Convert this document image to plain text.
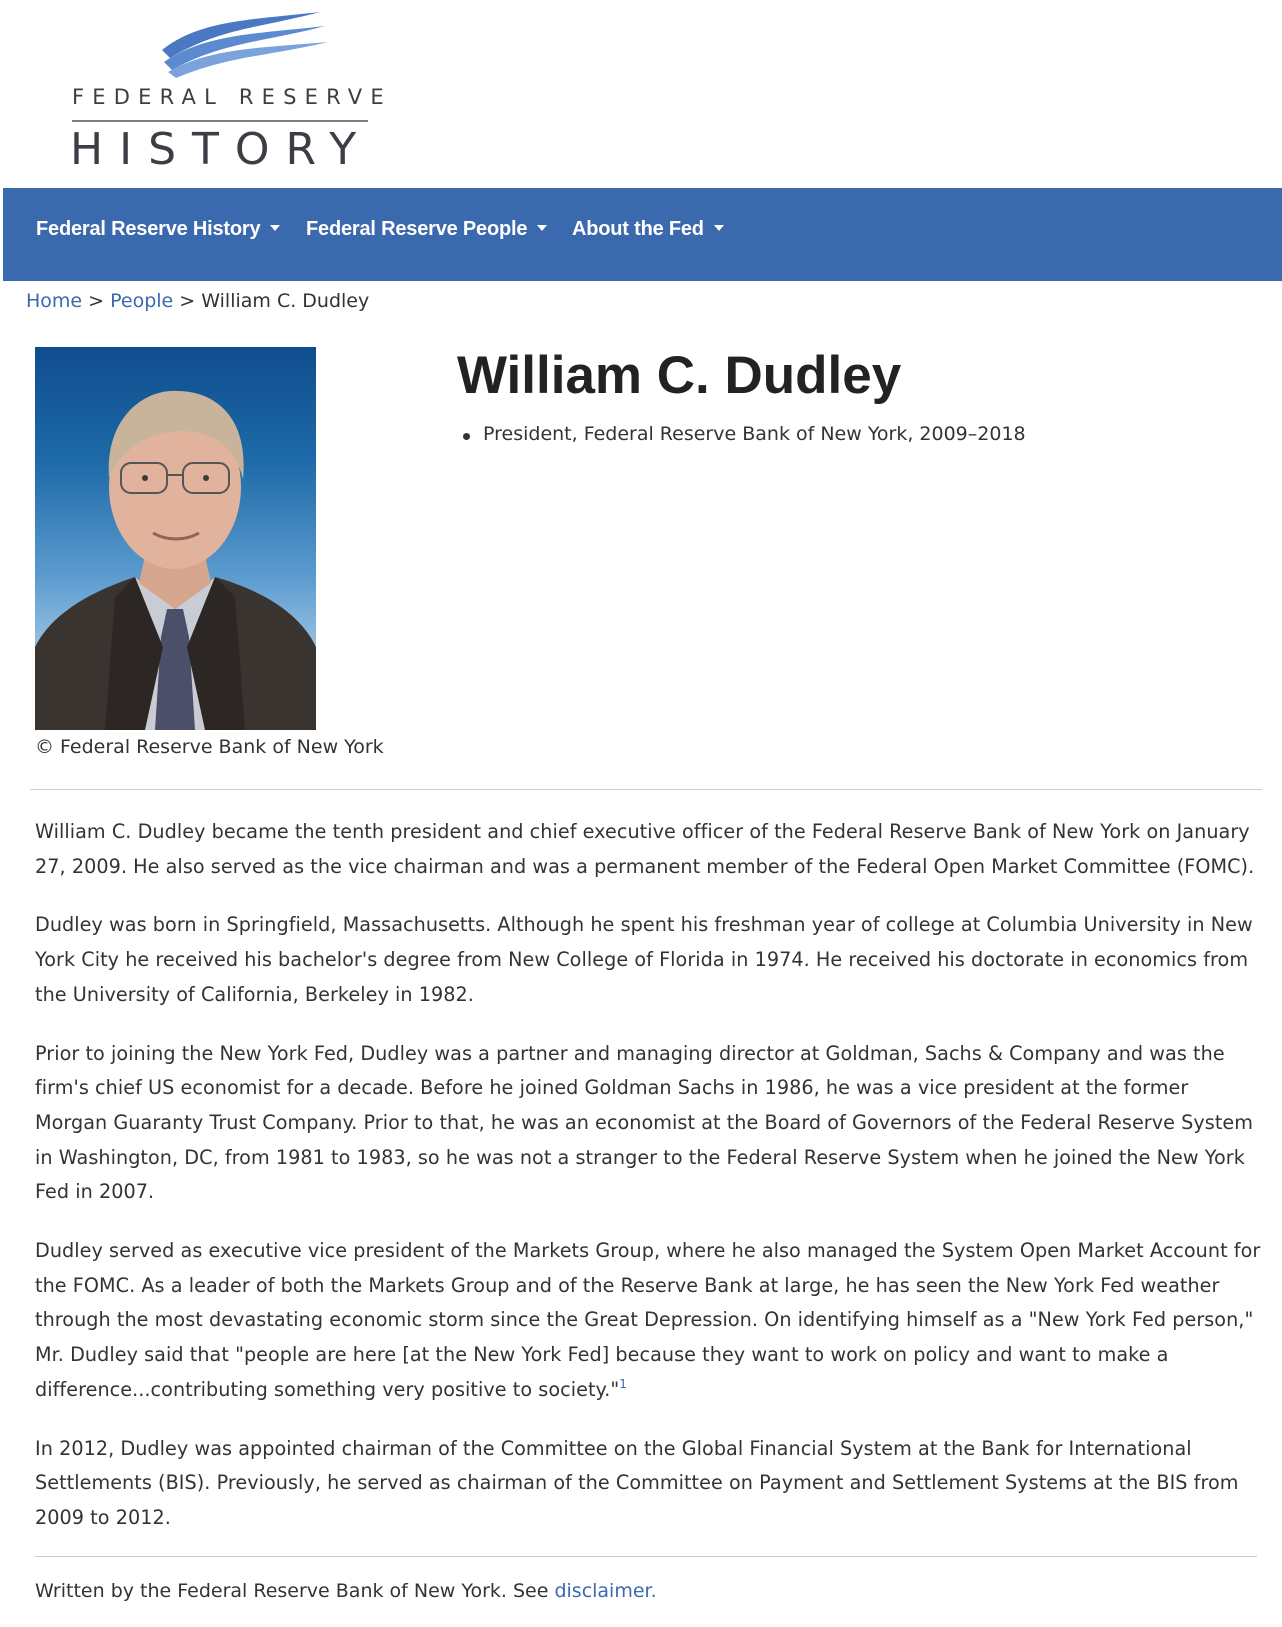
FEDERAL RESERVE
HISTORY
Federal Reserve History	Federal Reserve People	About the Fed
Home > People > William C. Dudley
© Federal Reserve Bank of New York
William C. Dudley
President, Federal Reserve Bank of New York, 2009–2018

William C. Dudley became the tenth president and chief executive officer of the Federal Reserve Bank of New York on January 27, 2009. He also served as the vice chairman and was a permanent member of the Federal Open Market Committee (FOMC).

Dudley was born in Springfield, Massachusetts. Although he spent his freshman year of college at Columbia University in New York City he received his bachelor's degree from New College of Florida in 1974. He received his doctorate in economics from the University of California, Berkeley in 1982.

Prior to joining the New York Fed, Dudley was a partner and managing director at Goldman, Sachs & Company and was the firm's chief US economist for a decade. Before he joined Goldman Sachs in 1986, he was a vice president at the former Morgan Guaranty Trust Company. Prior to that, he was an economist at the Board of Governors of the Federal Reserve System in Washington, DC, from 1981 to 1983, so he was not a stranger to the Federal Reserve System when he joined the New York Fed in 2007.

Dudley served as executive vice president of the Markets Group, where he also managed the System Open Market Account for the FOMC. As a leader of both the Markets Group and of the Reserve Bank at large, he has seen the New York Fed weather through the most devastating economic storm since the Great Depression. On identifying himself as a "New York Fed person," Mr. Dudley said that "people are here [at the New York Fed] because they want to work on policy and want to make a difference...contributing something very positive to society."$^1$

In 2012, Dudley was appointed chairman of the Committee on the Global Financial System at the Bank for International Settlements (BIS). Previously, he served as chairman of the Committee on Payment and Settlement Systems at the BIS from 2009 to 2012.

Written by the Federal Reserve Bank of New York. See disclaimer.
